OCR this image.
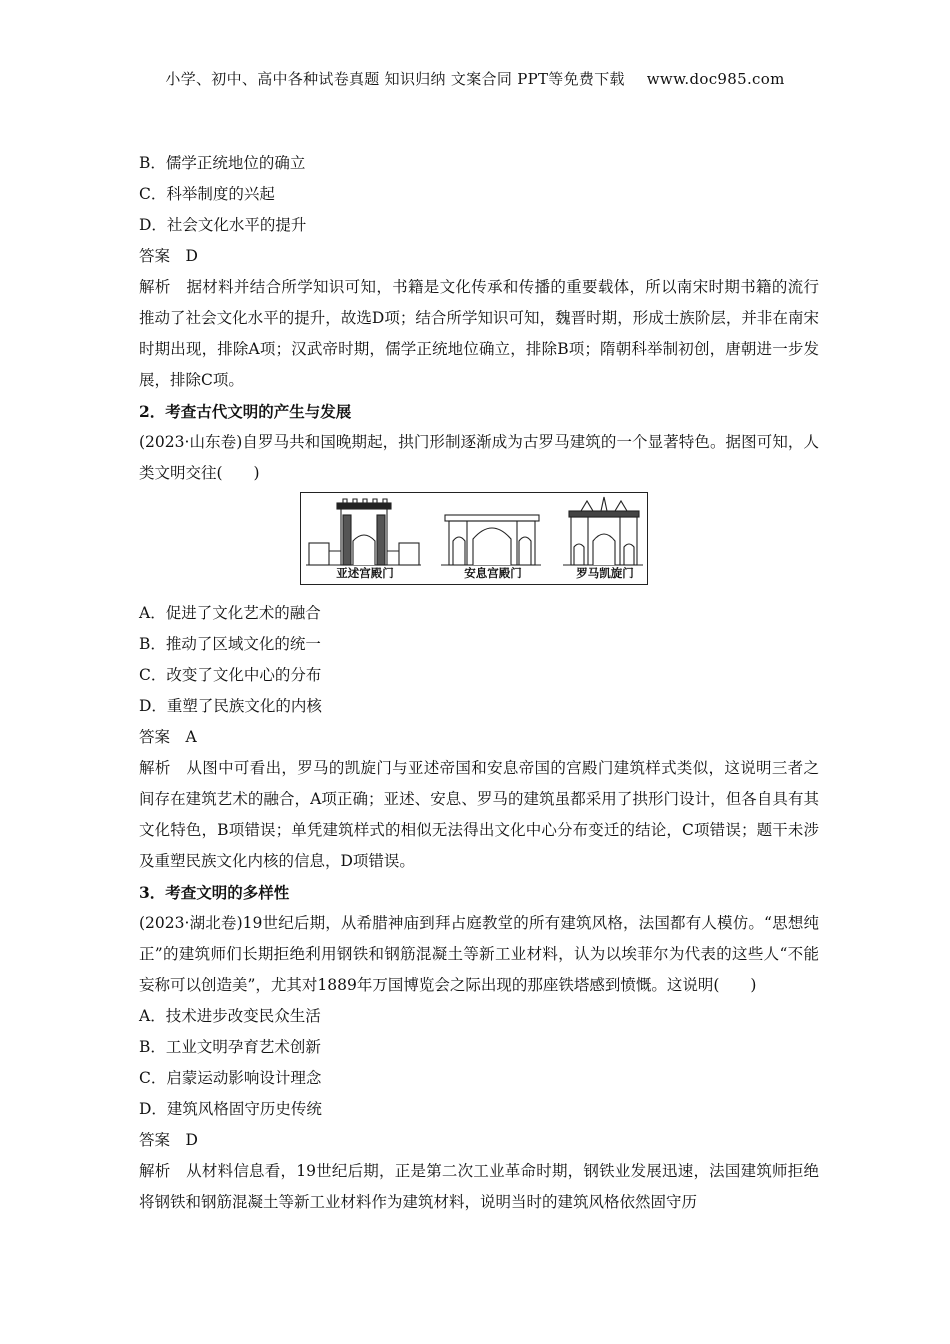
小学、初中、高中各种试卷真题 知识归纳 文案合同 PPT等免费下载 www.doc985.com
B．儒学正统地位的确立
C．科举制度的兴起
D．社会文化水平的提升
答案　D
解析　据材料并结合所学知识可知，书籍是文化传承和传播的重要载体，所以南宋时期书籍的流行推动了社会文化水平的提升，故选D项；结合所学知识可知，魏晋时期，形成士族阶层，并非在南宋时期出现，排除A项；汉武帝时期，儒学正统地位确立，排除B项；隋朝科举制初创，唐朝进一步发展，排除C项。
2．考查古代文明的产生与发展
(2023·山东卷)自罗马共和国晚期起，拱门形制逐渐成为古罗马建筑的一个显著特色。据图可知，人类文明交往(　　)
亚述宫殿门	安息宫殿门	罗马凯旋门
A．促进了文化艺术的融合
B．推动了区域文化的统一
C．改变了文化中心的分布
D．重塑了民族文化的内核
答案　A
解析　从图中可看出，罗马的凯旋门与亚述帝国和安息帝国的宫殿门建筑样式类似，这说明三者之间存在建筑艺术的融合，A项正确；亚述、安息、罗马的建筑虽都采用了拱形门设计，但各自具有其文化特色，B项错误；单凭建筑样式的相似无法得出文化中心分布变迁的结论，C项错误；题干未涉及重塑民族文化内核的信息，D项错误。
3．考查文明的多样性
(2023·湖北卷)19世纪后期，从希腊神庙到拜占庭教堂的所有建筑风格，法国都有人模仿。“思想纯正”的建筑师们长期拒绝利用钢铁和钢筋混凝土等新工业材料，认为以埃菲尔为代表的这些人“不能妄称可以创造美”，尤其对1889年万国博览会之际出现的那座铁塔感到愤慨。这说明(　　)
A．技术进步改变民众生活
B．工业文明孕育艺术创新
C．启蒙运动影响设计理念
D．建筑风格固守历史传统
答案　D
解析　从材料信息看，19世纪后期，正是第二次工业革命时期，钢铁业发展迅速，法国建筑师拒绝将钢铁和钢筋混凝土等新工业材料作为建筑材料，说明当时的建筑风格依然固守历
